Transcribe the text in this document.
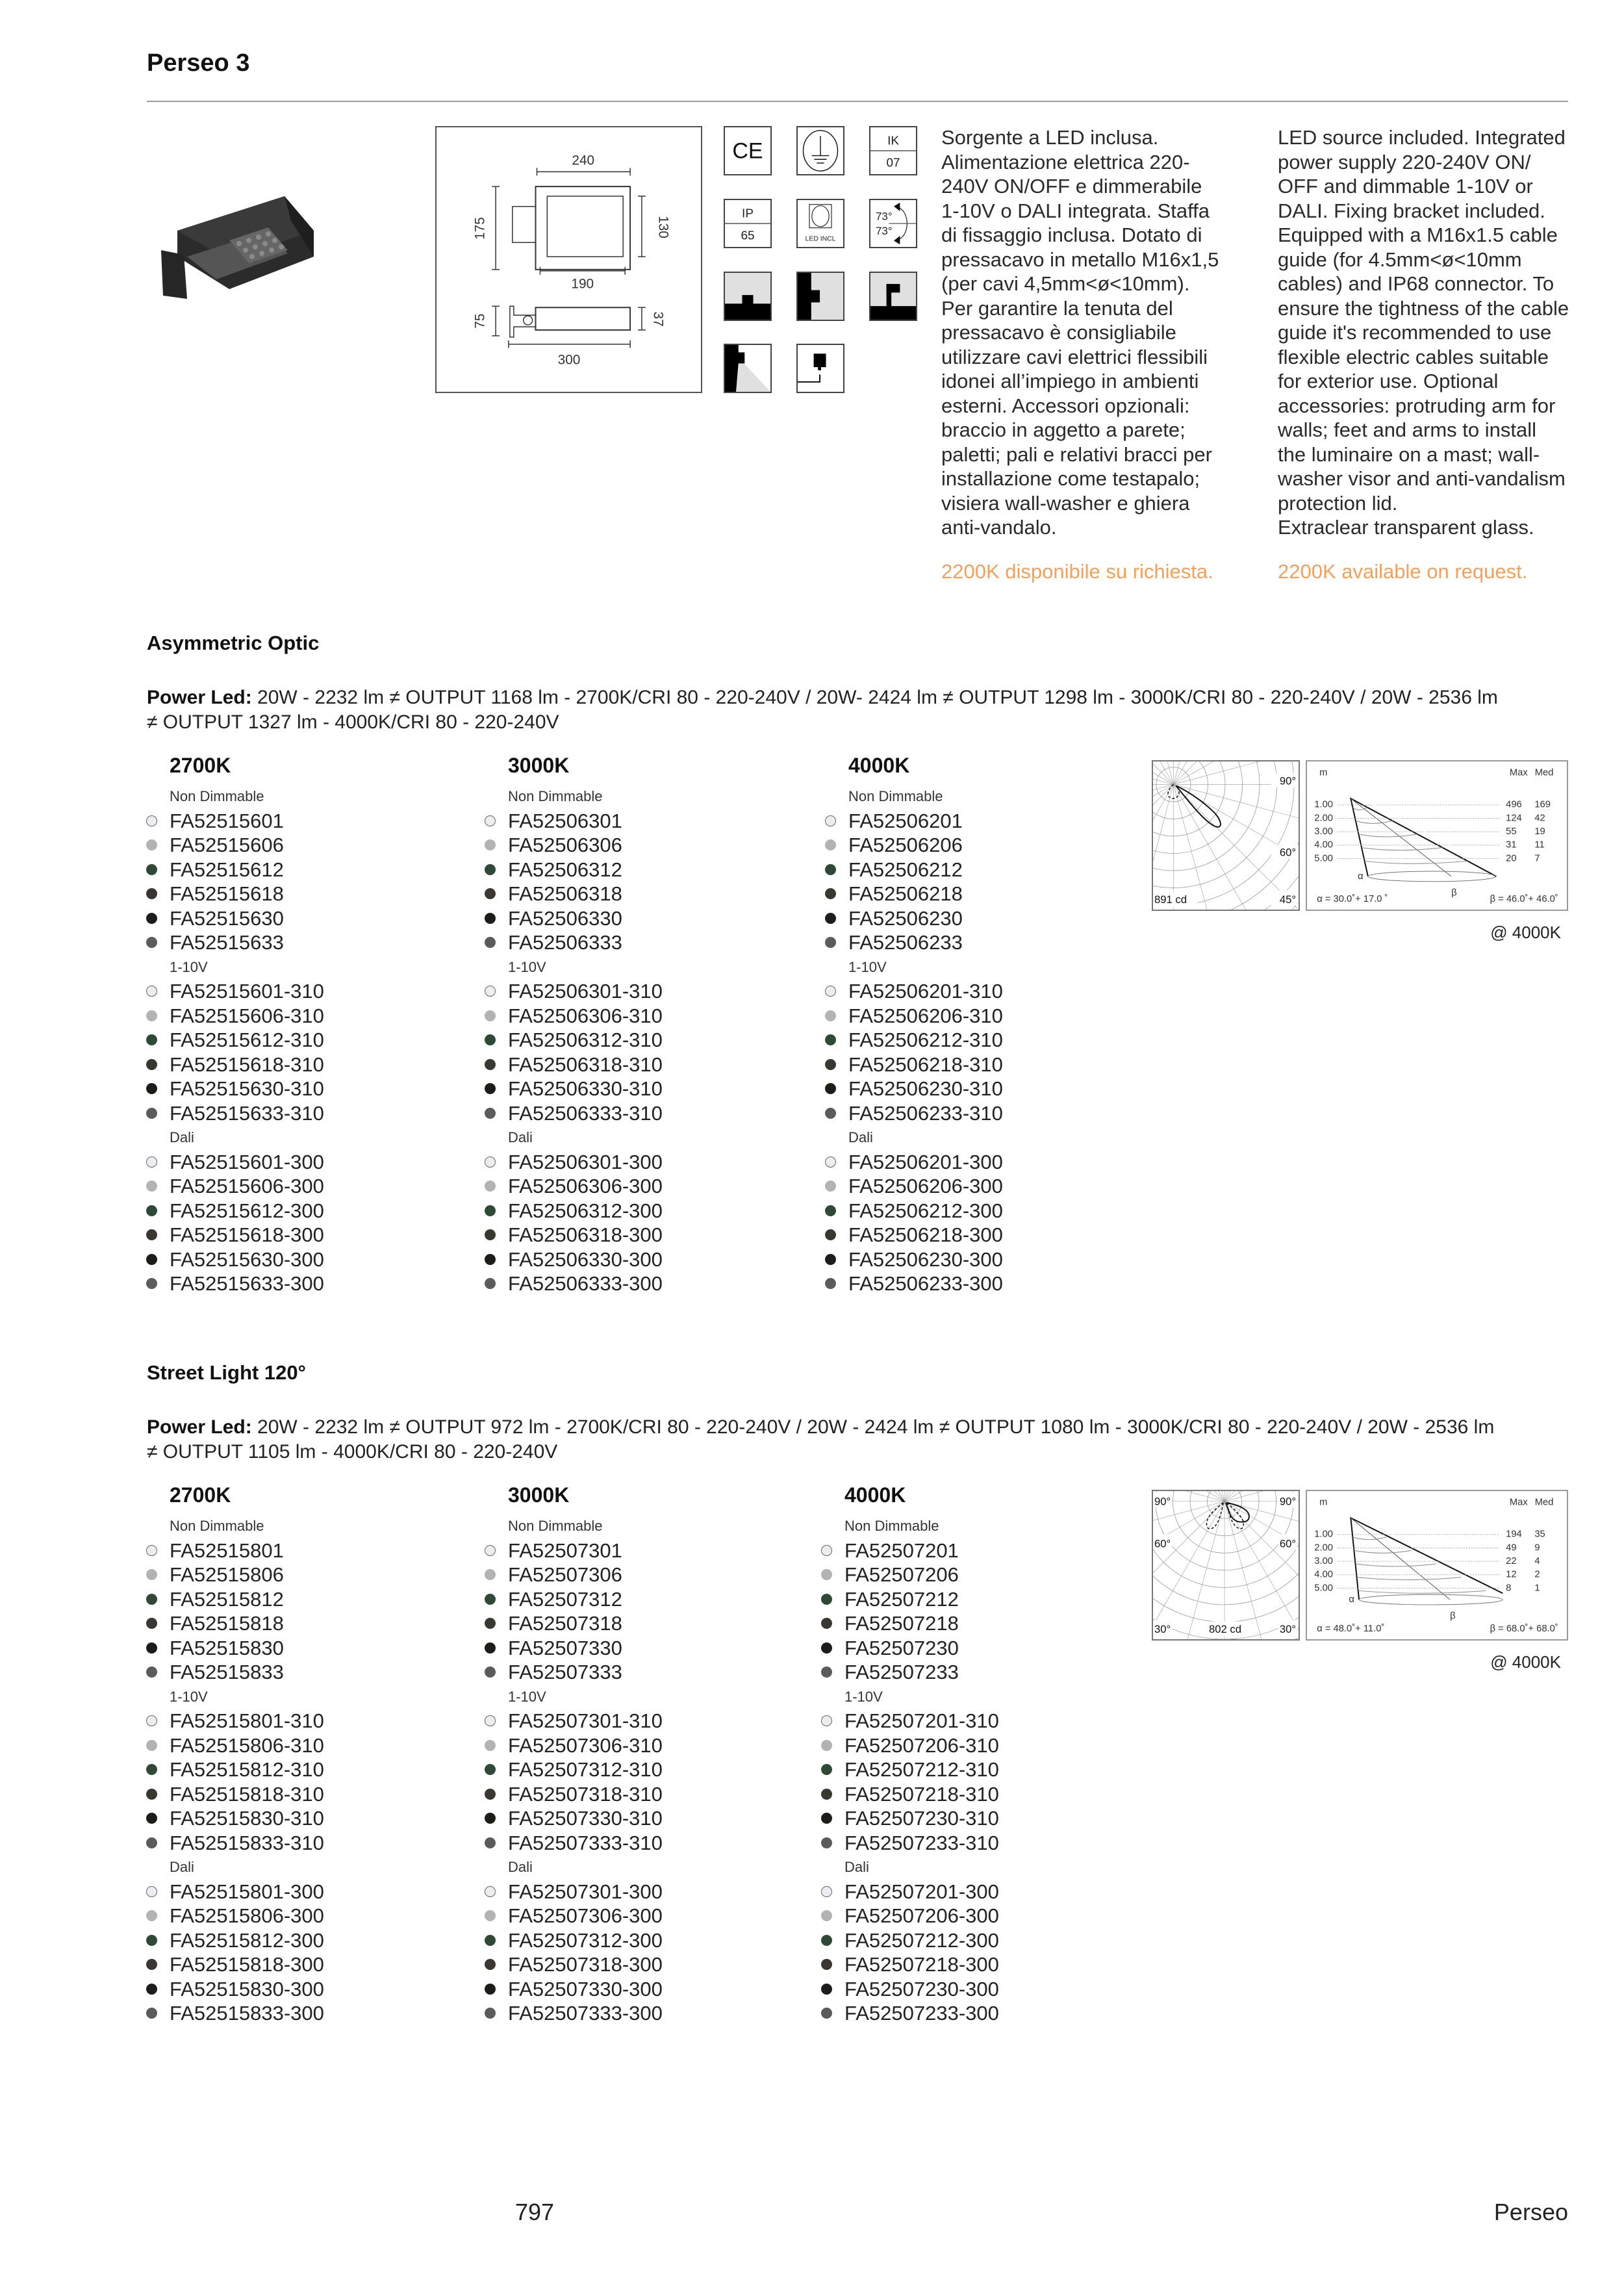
Perseo 3
240
175	130
190
75	37
300
CE	IK
07
IP
65	LED INCL
73°
73°
Sorgente a LED inclusa.
Alimentazione elettrica 220-
240V ON/OFF e dimmerabile
1-10V o DALI integrata. Staffa
di fissaggio inclusa. Dotato di
pressacavo in metallo M16x1,5
(per cavi 4,5mm<ø<10mm).
Per garantire la tenuta del
pressacavo è consigliabile
utilizzare cavi elettrici flessibili
idonei all’impiego in ambienti
esterni. Accessori opzionali:
braccio in aggetto a parete;
paletti; pali e relativi bracci per
installazione come testapalo;
visiera wall-washer e ghiera
anti-vandalo.
LED source included. Integrated
power supply 220-240V ON/
OFF and dimmable 1-10V or
DALI. Fixing bracket included.
Equipped with a M16x1.5 cable
guide (for 4.5mm<ø<10mm
cables) and IP68 connector. To
ensure the tightness of the cable
guide it's recommended to use
flexible electric cables suitable
for exterior use. Optional
accessories: protruding arm for
walls; feet and arms to install
the luminaire on a mast; wall-
washer visor and anti-vandalism
protection lid.
Extraclear transparent glass.
2200K disponibile su richiesta.	2200K available on request.
Asymmetric Optic
Power Led: 20W - 2232 lm ≠ OUTPUT 1168 lm - 2700K/CRI 80 - 220-240V / 20W- 2424 lm ≠ OUTPUT 1298 lm - 3000K/CRI 80 - 220-240V / 20W - 2536 lm
≠ OUTPUT 1327 lm - 4000K/CRI 80 - 220-240V
2700K
Non Dimmable
FA52515601
FA52515606
FA52515612
FA52515618
FA52515630
FA52515633
1-10V
FA52515601-310
FA52515606-310
FA52515612-310
FA52515618-310
FA52515630-310
FA52515633-310
Dali
FA52515601-300
FA52515606-300
FA52515612-300
FA52515618-300
FA52515630-300
FA52515633-300
3000K
Non Dimmable
FA52506301
FA52506306
FA52506312
FA52506318
FA52506330
FA52506333
1-10V
FA52506301-310
FA52506306-310
FA52506312-310
FA52506318-310
FA52506330-310
FA52506333-310
Dali
FA52506301-300
FA52506306-300
FA52506312-300
FA52506318-300
FA52506330-300
FA52506333-300
4000K
Non Dimmable
FA52506201
FA52506206
FA52506212
FA52506218
FA52506230
FA52506233
1-10V
FA52506201-310
FA52506206-310
FA52506212-310
FA52506218-310
FA52506230-310
FA52506233-310
Dali
FA52506201-300
FA52506206-300
FA52506212-300
FA52506218-300
FA52506230-300
FA52506233-300
90°
60°
45°
891 cd
m	Max Med
1.00	496 169
2.00	124 42
3.00	55 19
4.00	31 11
5.00	20 7
α
β
α = 30.0˚+ 17.0 ˚	β = 46.0˚+ 46.0˚
@ 4000K
Street Light 120°
Power Led: 20W - 2232 lm ≠ OUTPUT 972 lm - 2700K/CRI 80 - 220-240V / 20W - 2424 lm ≠ OUTPUT 1080 lm - 3000K/CRI 80 - 220-240V / 20W - 2536 lm
≠ OUTPUT 1105 lm - 4000K/CRI 80 - 220-240V
2700K
Non Dimmable
FA52515801
FA52515806
FA52515812
FA52515818
FA52515830
FA52515833
1-10V
FA52515801-310
FA52515806-310
FA52515812-310
FA52515818-310
FA52515830-310
FA52515833-310
Dali
FA52515801-300
FA52515806-300
FA52515812-300
FA52515818-300
FA52515830-300
FA52515833-300
3000K
Non Dimmable
FA52507301
FA52507306
FA52507312
FA52507318
FA52507330
FA52507333
1-10V
FA52507301-310
FA52507306-310
FA52507312-310
FA52507318-310
FA52507330-310
FA52507333-310
Dali
FA52507301-300
FA52507306-300
FA52507312-300
FA52507318-300
FA52507330-300
FA52507333-300
4000K
Non Dimmable
FA52507201
FA52507206
FA52507212
FA52507218
FA52507230
FA52507233
1-10V
FA52507201-310
FA52507206-310
FA52507212-310
FA52507218-310
FA52507230-310
FA52507233-310
Dali
FA52507201-300
FA52507206-300
FA52507212-300
FA52507218-300
FA52507230-300
FA52507233-300
90°	90°
60°	60°
30°	30°
802 cd
m	Max Med
1.00	194 35
2.00	49 9
3.00	22 4
4.00	12 2
5.00	8 1
α
β
α = 48.0˚+ 11.0˚	β = 68.0˚+ 68.0˚
@ 4000K
797	Perseo
